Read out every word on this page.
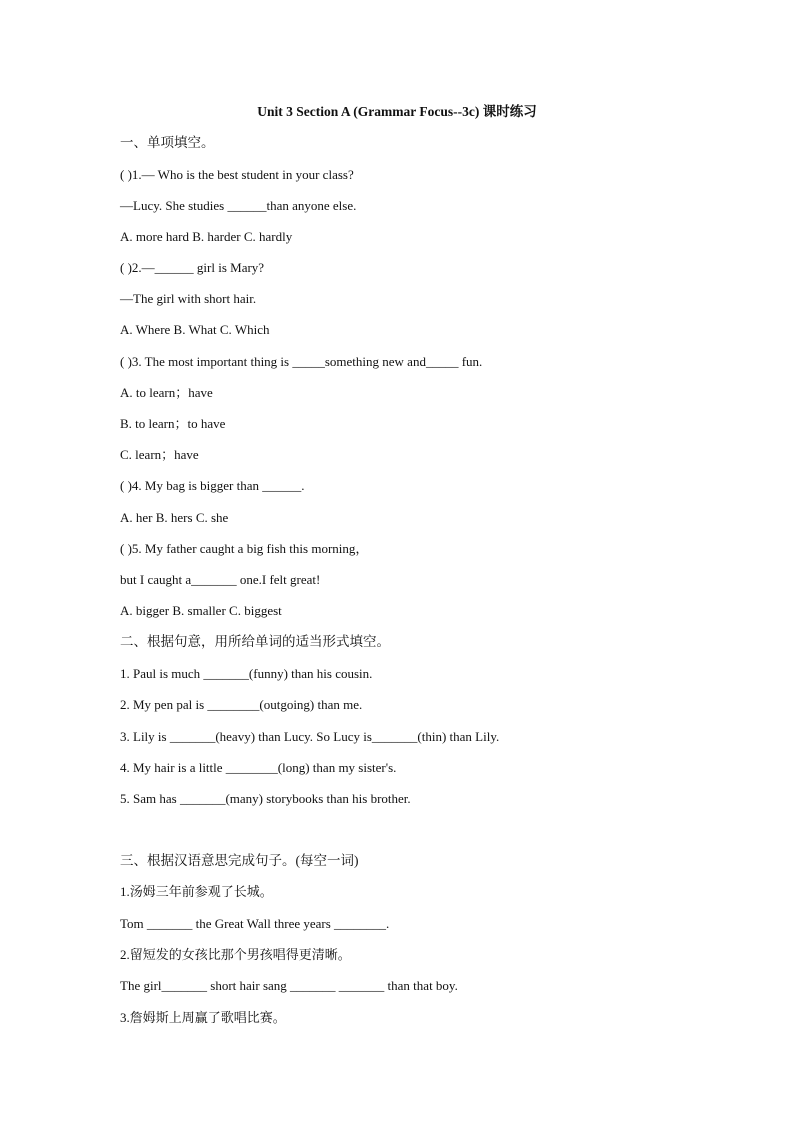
Unit 3 Section A (Grammar Focus--3c) 课时练习
一、单项填空。
( )1.— Who is the best student in your class?
—Lucy. She studies ______than anyone else.
A. more hard B. harder C. hardly
( )2.—______ girl is Mary?
—The girl with short hair.
A. Where B. What C. Which
( )3. The most important thing is _____something new and_____ fun.
A. to learn；have
B. to learn；to have
C. learn；have
( )4. My bag is bigger than ______.
A. her B. hers C. she
( )5. My father caught a big fish this morning，
but I caught a_______ one.I felt great!
A. bigger B. smaller C. biggest
二、根据句意，用所给单词的适当形式填空。
1. Paul is much _______(funny) than his cousin.
2. My pen pal is ________(outgoing) than me.
3. Lily is _______(heavy) than Lucy. So Lucy is_______(thin) than Lily.
4. My hair is a little ________(long) than my sister's.
5. Sam has _______(many) storybooks than his brother.
三、根据汉语意思完成句子。(每空一词)
1.汤姆三年前参观了长城。
Tom _______ the Great Wall three years ________.
2.留短发的女孩比那个男孩唱得更清晰。
The girl_______ short hair sang _______ _______ than that boy.
3.詹姆斯上周赢了歌唱比赛。
